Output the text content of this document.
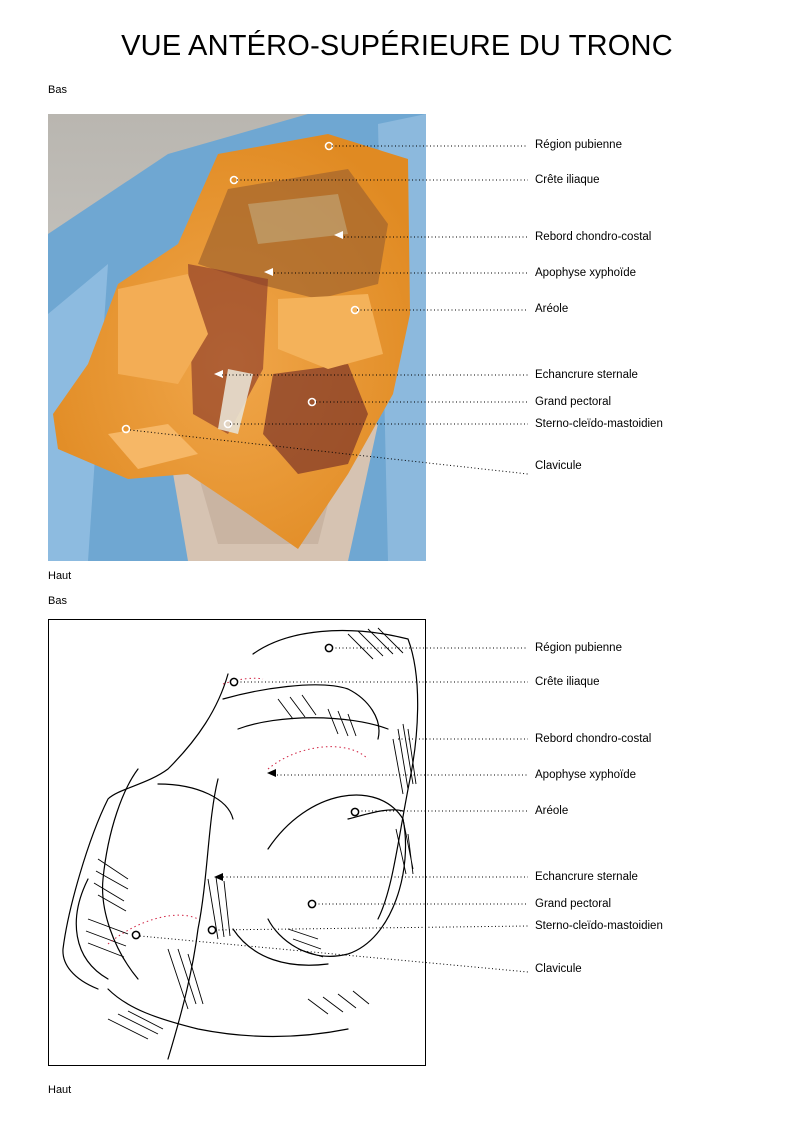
VUE ANTÉRO-SUPÉRIEURE DU TRONC
Bas
Haut
Bas
Haut
Région pubienne
Crête iliaque
Rebord chondro-costal
Apophyse xyphoïde
Aréole
Echancrure sternale
Grand pectoral
Sterno-cleïdo-mastoidien
Clavicule
Région pubienne
Crête iliaque
Rebord chondro-costal
Apophyse xyphoïde
Aréole
Echancrure sternale
Grand pectoral
Sterno-cleïdo-mastoidien
Clavicule
